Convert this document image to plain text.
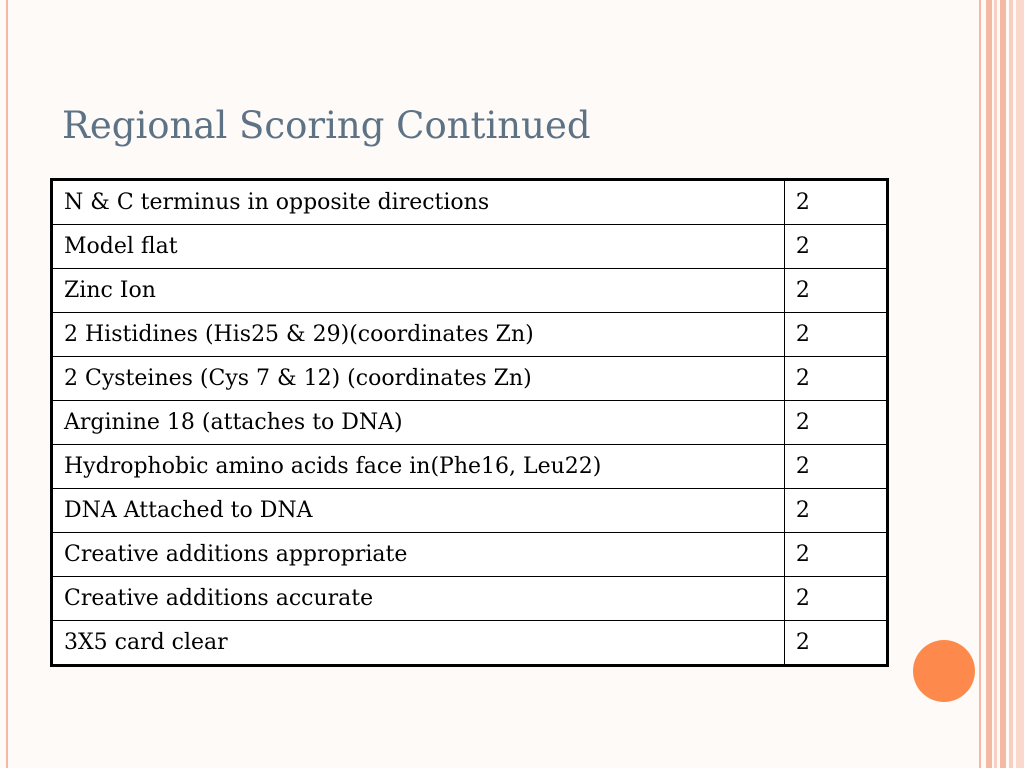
Regional Scoring Continued
N & C terminus in opposite directions	2
Model flat	2
Zinc Ion	2
2 Histidines (His25 & 29)(coordinates Zn)	2
2 Cysteines (Cys 7 & 12) (coordinates Zn)	2
Arginine 18 (attaches to DNA)	2
Hydrophobic amino acids face in(Phe16, Leu22)	2
DNA Attached to DNA	2
Creative additions appropriate	2
Creative additions accurate	2
3X5 card clear	2
